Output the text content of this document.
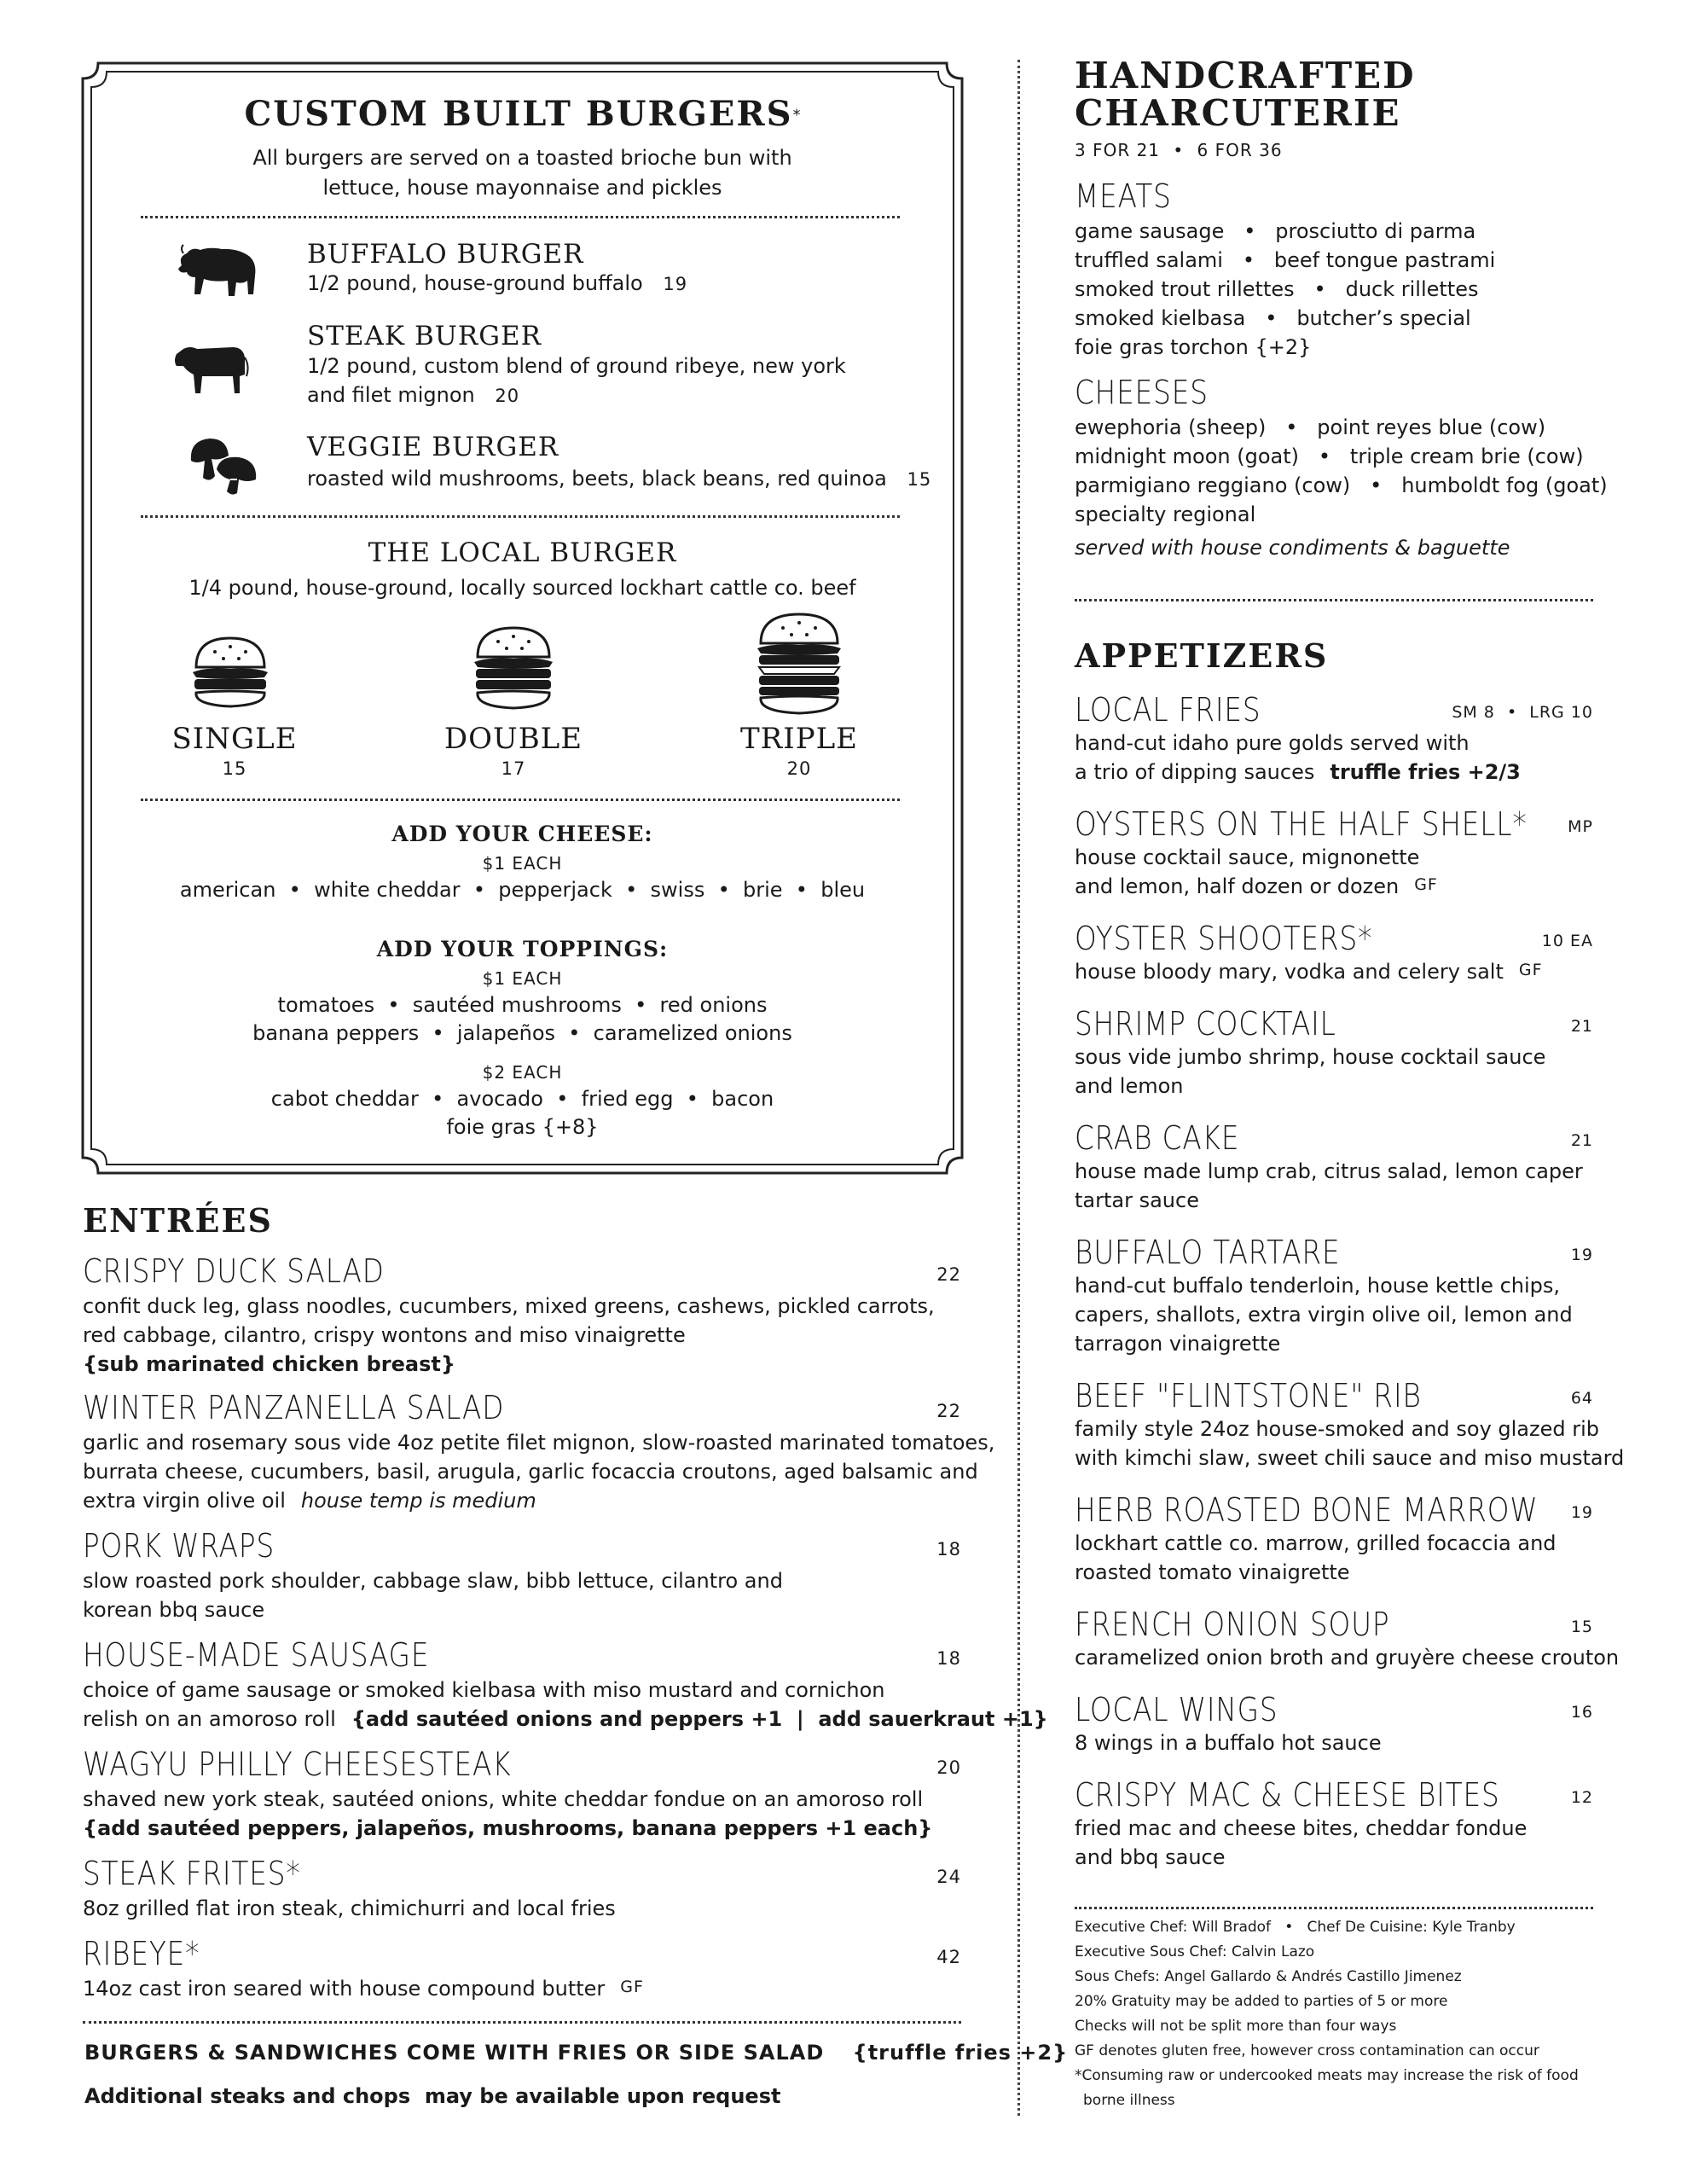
CUSTOM BUILT BURGERS*
All burgers are served on a toasted brioche bun with
lettuce, house mayonnaise and pickles
BUFFALO BURGER
1/2 pound, house-ground buffalo 19
STEAK BURGER
1/2 pound, custom blend of ground ribeye, new york
and filet mignon 20
VEGGIE BURGER
roasted wild mushrooms, beets, black beans, red quinoa 15
THE LOCAL BURGER
1/4 pound, house-ground, locally sourced lockhart cattle co. beef
SINGLE
15
DOUBLE
17
TRIPLE
20
ADD YOUR CHEESE:
$1 EACH
american  •  white cheddar  •  pepperjack  •  swiss  •  brie  •  bleu
ADD YOUR TOPPINGS:
$1 EACH
tomatoes  •  sautéed mushrooms  •  red onions
banana peppers  •  jalapeños  •  caramelized onions
$2 EACH
cabot cheddar  •  avocado  •  fried egg  •  bacon
foie gras {+8}
ENTRÉES
CRISPY DUCK SALAD	22
confit duck leg, glass noodles, cucumbers, mixed greens, cashews, pickled carrots,
red cabbage, cilantro, crispy wontons and miso vinaigrette
{sub marinated chicken breast}
WINTER PANZANELLA SALAD	22
garlic and rosemary sous vide 4oz petite filet mignon, slow-roasted marinated tomatoes,
burrata cheese, cucumbers, basil, arugula, garlic focaccia croutons, aged balsamic and
extra virgin olive oil house temp is medium
PORK WRAPS	18
slow roasted pork shoulder, cabbage slaw, bibb lettuce, cilantro and
korean bbq sauce
HOUSE-MADE SAUSAGE	18
choice of game sausage or smoked kielbasa with miso mustard and cornichon
relish on an amoroso roll {add sautéed onions and peppers +1  |  add sauerkraut +1}
WAGYU PHILLY CHEESESTEAK	20
shaved new york steak, sautéed onions, white cheddar fondue on an amoroso roll
{add sautéed peppers, jalapeños, mushrooms, banana peppers +1 each}
STEAK FRITES*	24
8oz grilled flat iron steak, chimichurri and local fries
RIBEYE*	42
14oz cast iron seared with house compound butter GF
BURGERS & SANDWICHES COME WITH FRIES OR SIDE SALAD {truffle fries +2}
Additional steaks and chops  may be available upon request
HANDCRAFTED
CHARCUTERIE
3 FOR 21 • 6 FOR 36
MEATS
game sausage   •   prosciutto di parma
truffled salami   •   beef tongue pastrami
smoked trout rillettes   •   duck rillettes
smoked kielbasa   •   butcher’s special
foie gras torchon {+2}
CHEESES
ewephoria (sheep)   •   point reyes blue (cow)
midnight moon (goat)   •   triple cream brie (cow)
parmigiano reggiano (cow)   •   humboldt fog (goat)
specialty regional
served with house condiments & baguette
APPETIZERS
LOCAL FRIES	SM 8  •  LRG 10
hand-cut idaho pure golds served with
a trio of dipping sauces truffle fries +2/3
OYSTERS ON THE HALF SHELL*	MP
house cocktail sauce, mignonette
and lemon, half dozen or dozen GF
OYSTER SHOOTERS*	10 EA
house bloody mary, vodka and celery salt GF
SHRIMP COCKTAIL	21
sous vide jumbo shrimp, house cocktail sauce
and lemon
CRAB CAKE	21
house made lump crab, citrus salad, lemon caper
tartar sauce
BUFFALO TARTARE	19
hand-cut buffalo tenderloin, house kettle chips,
capers, shallots, extra virgin olive oil, lemon and
tarragon vinaigrette
BEEF "FLINTSTONE" RIB	64
family style 24oz house-smoked and soy glazed rib
with kimchi slaw, sweet chili sauce and miso mustard
HERB ROASTED BONE MARROW 19
lockhart cattle co. marrow, grilled focaccia and
roasted tomato vinaigrette
FRENCH ONION SOUP	15
caramelized onion broth and gruyère cheese crouton
LOCAL WINGS	16
8 wings in a buffalo hot sauce
CRISPY MAC & CHEESE BITES	12
fried mac and cheese bites, cheddar fondue
and bbq sauce
Executive Chef: Will Bradof   •   Chef De Cuisine: Kyle Tranby
Executive Sous Chef: Calvin Lazo
Sous Chefs: Angel Gallardo & Andrés Castillo Jimenez
20% Gratuity may be added to parties of 5 or more
Checks will not be split more than four ways
GF denotes gluten free, however cross contamination can occur
*Consuming raw or undercooked meats may increase the risk of food
borne illness
